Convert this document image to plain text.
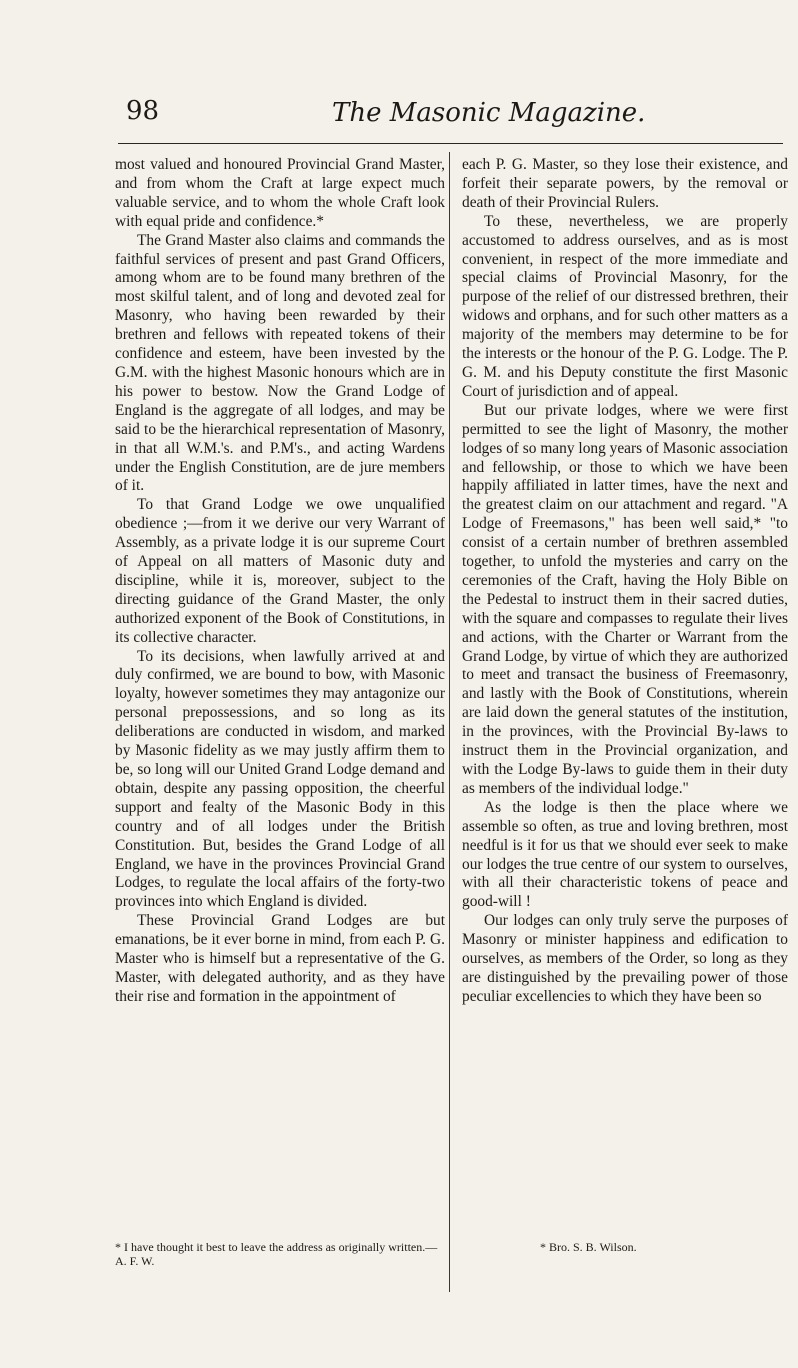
98	The Masonic Magazine.

most valued and honoured Provincial Grand Master, and from whom the Craft at large expect much valuable service, and to whom the whole Craft look with equal pride and confidence.*

The Grand Master also claims and commands the faithful services of present and past Grand Officers, among whom are to be found many brethren of the most skilful talent, and of long and devoted zeal for Masonry, who having been rewarded by their brethren and fellows with repeated tokens of their confidence and esteem, have been invested by the G.M. with the highest Masonic honours which are in his power to bestow. Now the Grand Lodge of England is the aggregate of all lodges, and may be said to be the hierarchical representation of Masonry, in that all W.M.'s. and P.M's., and acting Wardens under the English Constitution, are de jure members of it.

To that Grand Lodge we owe unqualified obedience ;—from it we derive our very Warrant of Assembly, as a private lodge it is our supreme Court of Appeal on all matters of Masonic duty and discipline, while it is, moreover, subject to the directing guidance of the Grand Master, the only authorized exponent of the Book of Constitutions, in its collective character.

To its decisions, when lawfully arrived at and duly confirmed, we are bound to bow, with Masonic loyalty, however sometimes they may antagonize our personal prepossessions, and so long as its deliberations are conducted in wisdom, and marked by Masonic fidelity as we may justly affirm them to be, so long will our United Grand Lodge demand and obtain, despite any passing opposition, the cheerful support and fealty of the Masonic Body in this country and of all lodges under the British Constitution. But, besides the Grand Lodge of all England, we have in the provinces Provincial Grand Lodges, to regulate the local affairs of the forty-two provinces into which England is divided.

These Provincial Grand Lodges are but emanations, be it ever borne in mind, from each P. G. Master who is himself but a representative of the G. Master, with delegated authority, and as they have their rise and formation in the appointment of

each P. G. Master, so they lose their existence, and forfeit their separate powers, by the removal or death of their Provincial Rulers.

To these, nevertheless, we are properly accustomed to address ourselves, and as is most convenient, in respect of the more immediate and special claims of Provincial Masonry, for the purpose of the relief of our distressed brethren, their widows and orphans, and for such other matters as a majority of the members may determine to be for the interests or the honour of the P. G. Lodge. The P. G. M. and his Deputy constitute the first Masonic Court of jurisdiction and of appeal.

But our private lodges, where we were first permitted to see the light of Masonry, the mother lodges of so many long years of Masonic association and fellowship, or those to which we have been happily affiliated in latter times, have the next and the greatest claim on our attachment and regard. "A Lodge of Freemasons," has been well said,* "to consist of a certain number of brethren assembled together, to unfold the mysteries and carry on the ceremonies of the Craft, having the Holy Bible on the Pedestal to instruct them in their sacred duties, with the square and compasses to regulate their lives and actions, with the Charter or Warrant from the Grand Lodge, by virtue of which they are authorized to meet and transact the business of Freemasonry, and lastly with the Book of Constitutions, wherein are laid down the general statutes of the institution, in the provinces, with the Provincial By-laws to instruct them in the Provincial organization, and with the Lodge By-laws to guide them in their duty as members of the individual lodge."

As the lodge is then the place where we assemble so often, as true and loving brethren, most needful is it for us that we should ever seek to make our lodges the true centre of our system to ourselves, with all their characteristic tokens of peace and good-will !

Our lodges can only truly serve the purposes of Masonry or minister happiness and edification to ourselves, as members of the Order, so long as they are distinguished by the prevailing power of those peculiar excellencies to which they have been so

* I have thought it best to leave the address as originally written.—A. F. W.
* Bro. S. B. Wilson.
